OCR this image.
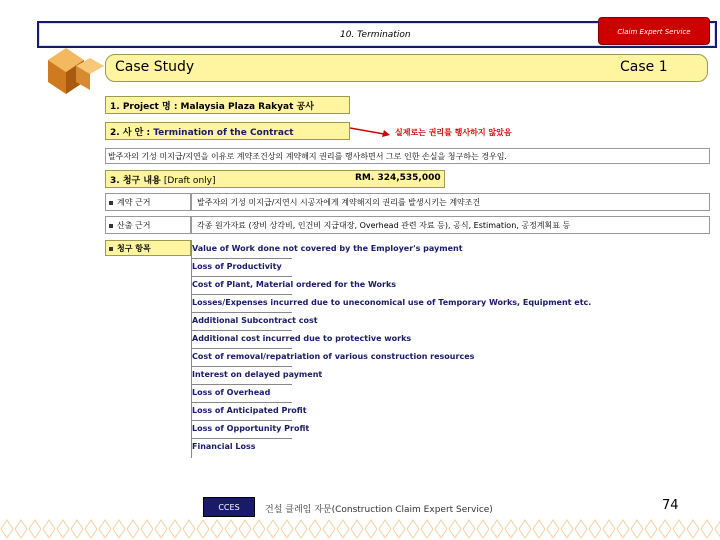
10. Termination	Claim Expert Service
Case Study	Case 1
1. Project 명 : Malaysia Plaza Rakyat 공사
2. 사 안 : Termination of the Contract	실제로는 권리를 행사하지 않았음
발주자의 기성 미지급/지연을 이유로 계약조건상의 계약해지 권리를 행사하면서 그로 인한 손실을 청구하는 경우임.
3. 청구 내용 [Draft only]	RM. 324,535,000
계약 근거	발주자의 기성 미지급/지연시 시공자에게 계약해지의 권리를 발생시키는 계약조건
산출 근거	각종 원가자료 (장비 상각비, 인건비 지급대장, Overhead 관련 자료 등), 공식, Estimation, 공정계획표 등
청구 항목	Value of Work done not covered by the Employer's payment
Loss of Productivity
Cost of Plant, Material ordered for the Works
Losses/Expenses incurred due to uneconomical use of Temporary Works, Equipment etc.
Additional Subcontract cost
Additional cost incurred due to protective works
Cost of removal/repatriation of various construction resources
Interest on delayed payment
Loss of Overhead
Loss of Anticipated Profit
Loss of Opportunity Profit
Financial Loss
CCES	건설 클레임 자문(Construction Claim Expert Service)	74
